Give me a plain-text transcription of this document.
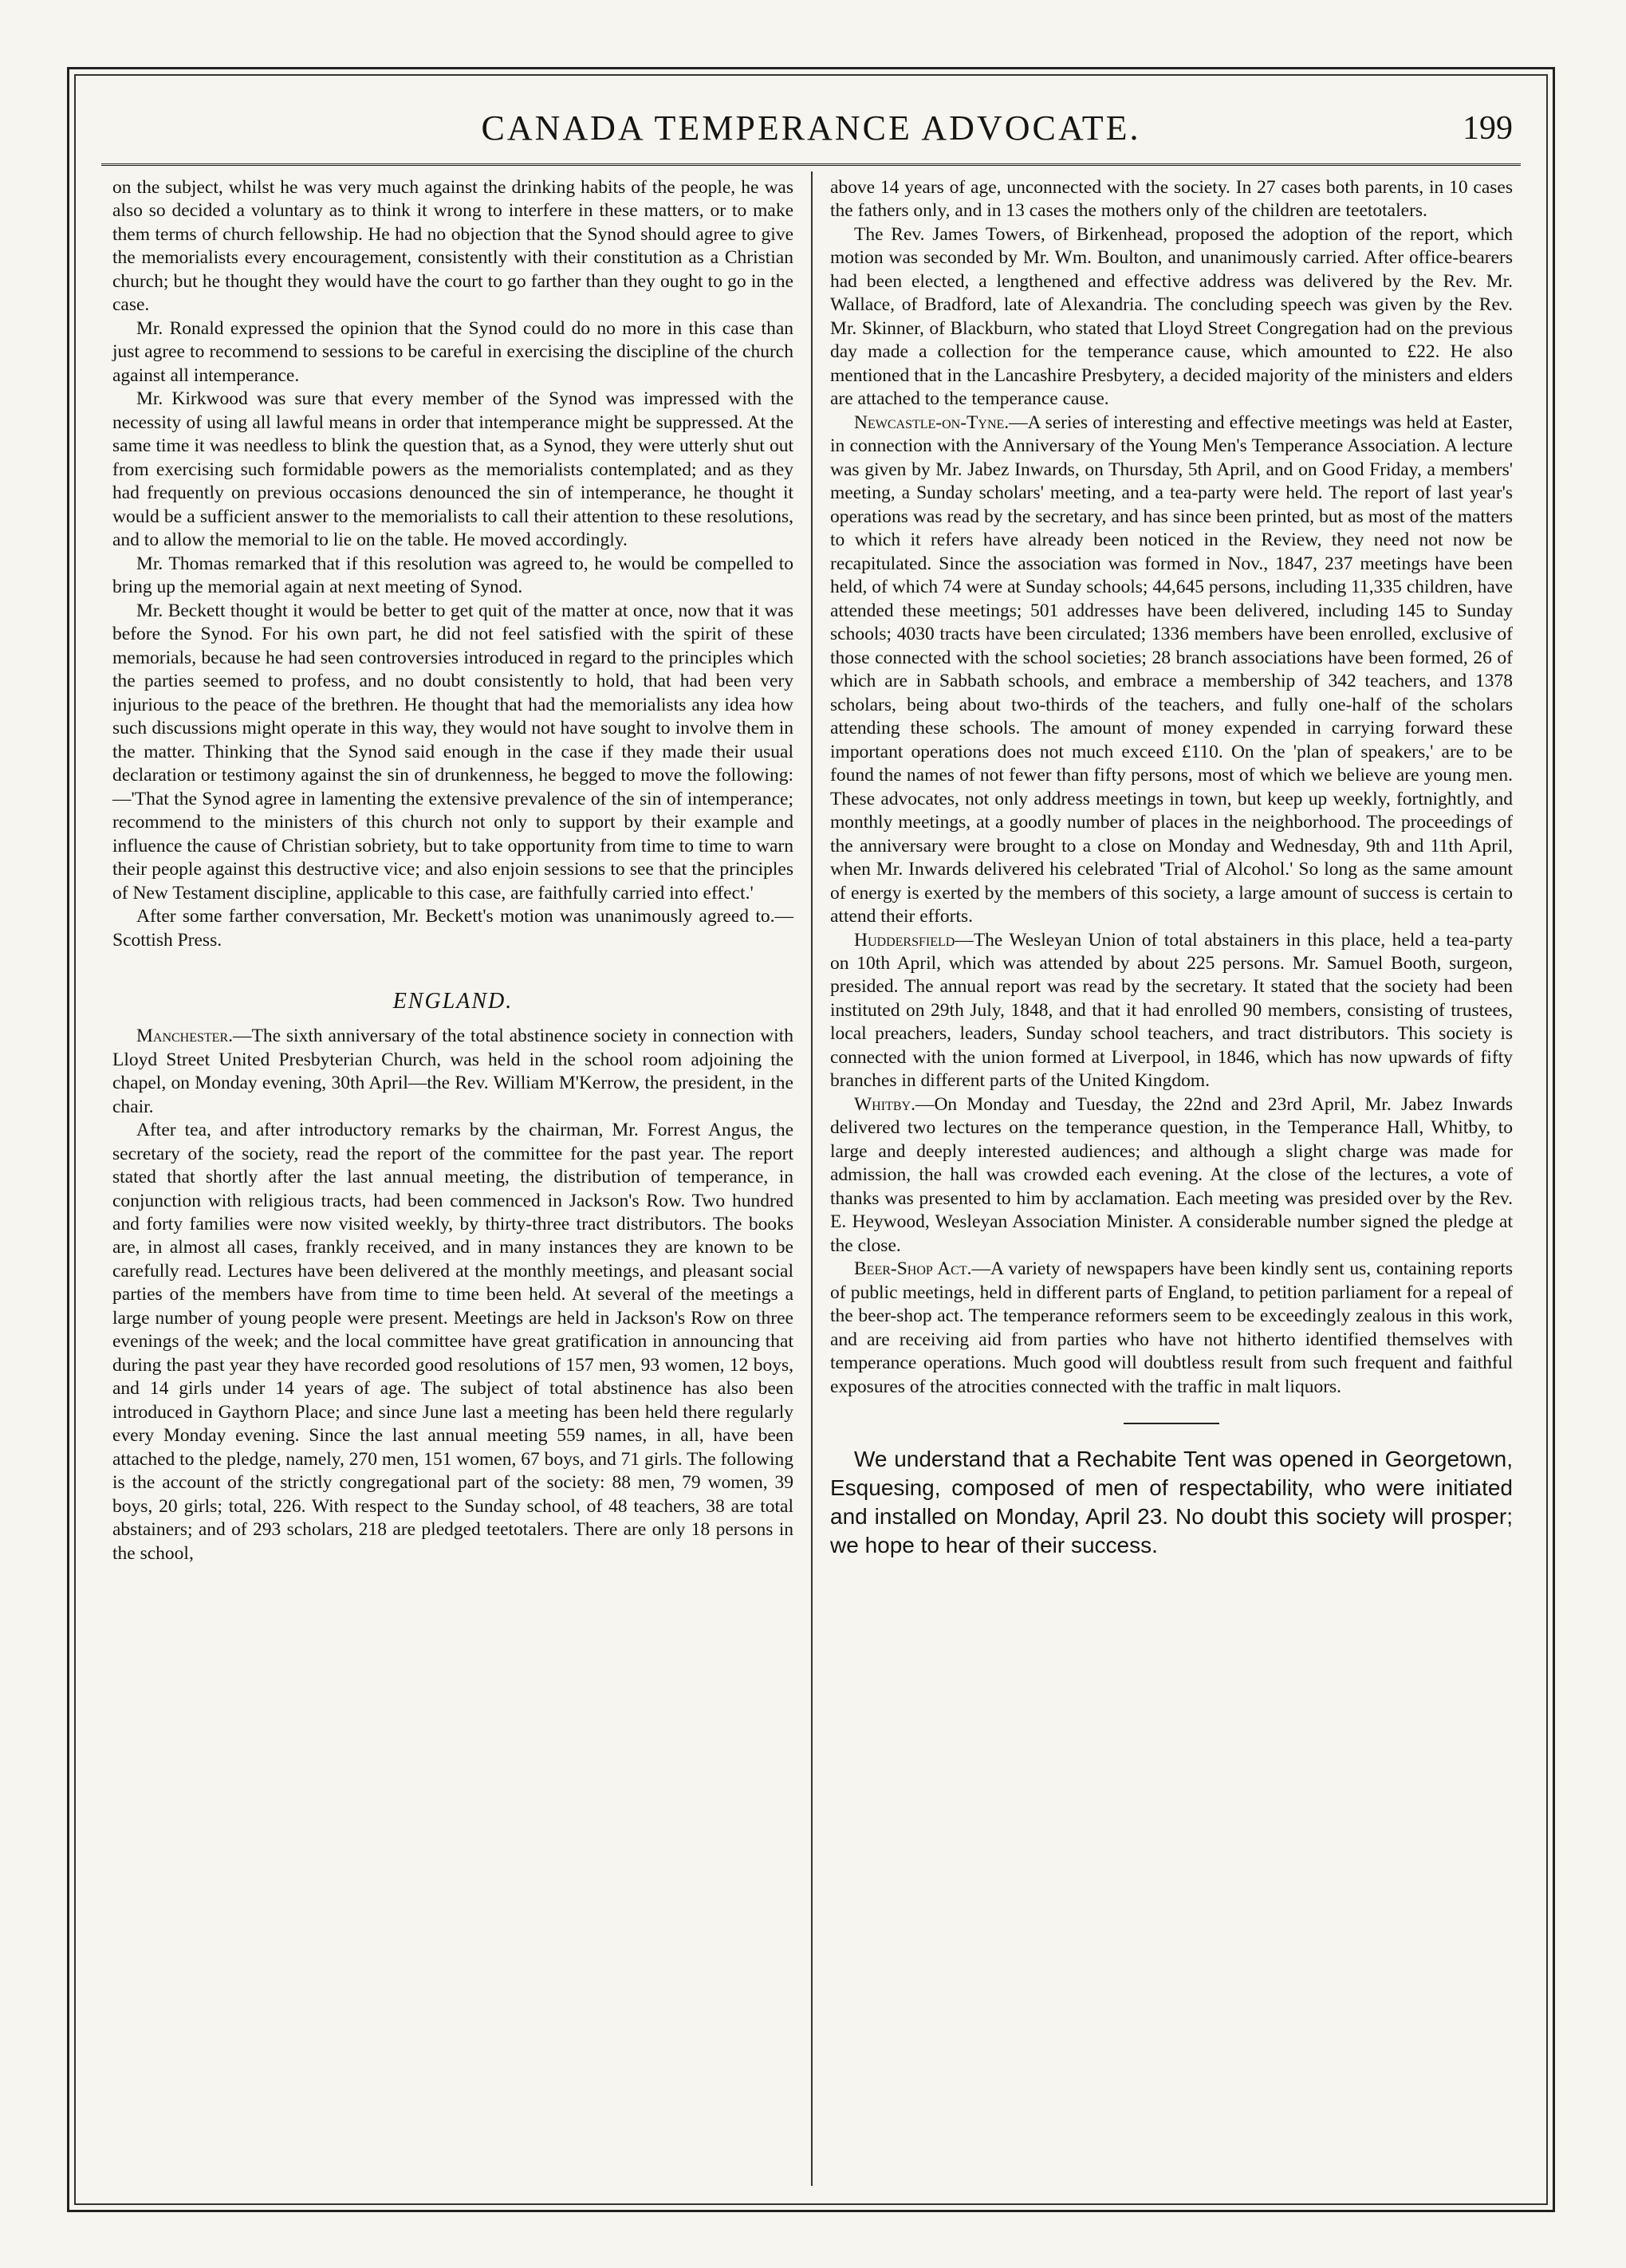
CANADA TEMPERANCE ADVOCATE.	199

on the subject, whilst he was very much against the drinking habits of the people, he was also so decided a voluntary as to think it wrong to interfere in these matters, or to make them terms of church fellowship. He had no objection that the Synod should agree to give the memorialists every encouragement, consistently with their constitution as a Christian church; but he thought they would have the court to go farther than they ought to go in the case.

Mr. Ronald expressed the opinion that the Synod could do no more in this case than just agree to recommend to sessions to be careful in exercising the discipline of the church against all intemperance.

Mr. Kirkwood was sure that every member of the Synod was impressed with the necessity of using all lawful means in order that intemperance might be suppressed. At the same time it was needless to blink the question that, as a Synod, they were utterly shut out from exercising such formidable powers as the memorialists contemplated; and as they had frequently on previous occasions denounced the sin of intemperance, he thought it would be a sufficient answer to the memorialists to call their attention to these resolutions, and to allow the memorial to lie on the table. He moved accordingly.

Mr. Thomas remarked that if this resolution was agreed to, he would be compelled to bring up the memorial again at next meeting of Synod.

Mr. Beckett thought it would be better to get quit of the matter at once, now that it was before the Synod. For his own part, he did not feel satisfied with the spirit of these memorials, because he had seen controversies introduced in regard to the principles which the parties seemed to profess, and no doubt consistently to hold, that had been very injurious to the peace of the brethren. He thought that had the memorialists any idea how such discussions might operate in this way, they would not have sought to involve them in the matter. Thinking that the Synod said enough in the case if they made their usual declaration or testimony against the sin of drunkenness, he begged to move the following:—'That the Synod agree in lamenting the extensive prevalence of the sin of intemperance; recommend to the ministers of this church not only to support by their example and influence the cause of Christian sobriety, but to take opportunity from time to time to warn their people against this destructive vice; and also enjoin sessions to see that the principles of New Testament discipline, applicable to this case, are faithfully carried into effect.'

After some farther conversation, Mr. Beckett's motion was unanimously agreed to.—Scottish Press.

ENGLAND.

Manchester.—The sixth anniversary of the total abstinence society in connection with Lloyd Street United Presbyterian Church, was held in the school room adjoining the chapel, on Monday evening, 30th April—the Rev. William M'Kerrow, the president, in the chair.

After tea, and after introductory remarks by the chairman, Mr. Forrest Angus, the secretary of the society, read the report of the committee for the past year. The report stated that shortly after the last annual meeting, the distribution of temperance, in conjunction with religious tracts, had been commenced in Jackson's Row. Two hundred and forty families were now visited weekly, by thirty-three tract distributors. The books are, in almost all cases, frankly received, and in many instances they are known to be carefully read. Lectures have been delivered at the monthly meetings, and pleasant social parties of the members have from time to time been held. At several of the meetings a large number of young people were present. Meetings are held in Jackson's Row on three evenings of the week; and the local committee have great gratification in announcing that during the past year they have recorded good resolutions of 157 men, 93 women, 12 boys, and 14 girls under 14 years of age. The subject of total abstinence has also been introduced in Gaythorn Place; and since June last a meeting has been held there regularly every Monday evening. Since the last annual meeting 559 names, in all, have been attached to the pledge, namely, 270 men, 151 women, 67 boys, and 71 girls. The following is the account of the strictly congregational part of the society: 88 men, 79 women, 39 boys, 20 girls; total, 226. With respect to the Sunday school, of 48 teachers, 38 are total abstainers; and of 293 scholars, 218 are pledged teetotalers. There are only 18 persons in the school,

above 14 years of age, unconnected with the society. In 27 cases both parents, in 10 cases the fathers only, and in 13 cases the mothers only of the children are teetotalers.

The Rev. James Towers, of Birkenhead, proposed the adoption of the report, which motion was seconded by Mr. Wm. Boulton, and unanimously carried. After office-bearers had been elected, a lengthened and effective address was delivered by the Rev. Mr. Wallace, of Bradford, late of Alexandria. The concluding speech was given by the Rev. Mr. Skinner, of Blackburn, who stated that Lloyd Street Congregation had on the previous day made a collection for the temperance cause, which amounted to £22. He also mentioned that in the Lancashire Presbytery, a decided majority of the ministers and elders are attached to the temperance cause.

Newcastle-on-Tyne.—A series of interesting and effective meetings was held at Easter, in connection with the Anniversary of the Young Men's Temperance Association. A lecture was given by Mr. Jabez Inwards, on Thursday, 5th April, and on Good Friday, a members' meeting, a Sunday scholars' meeting, and a tea-party were held. The report of last year's operations was read by the secretary, and has since been printed, but as most of the matters to which it refers have already been noticed in the Review, they need not now be recapitulated. Since the association was formed in Nov., 1847, 237 meetings have been held, of which 74 were at Sunday schools; 44,645 persons, including 11,335 children, have attended these meetings; 501 addresses have been delivered, including 145 to Sunday schools; 4030 tracts have been circulated; 1336 members have been enrolled, exclusive of those connected with the school societies; 28 branch associations have been formed, 26 of which are in Sabbath schools, and embrace a membership of 342 teachers, and 1378 scholars, being about two-thirds of the teachers, and fully one-half of the scholars attending these schools. The amount of money expended in carrying forward these important operations does not much exceed £110. On the 'plan of speakers,' are to be found the names of not fewer than fifty persons, most of which we believe are young men. These advocates, not only address meetings in town, but keep up weekly, fortnightly, and monthly meetings, at a goodly number of places in the neighborhood. The proceedings of the anniversary were brought to a close on Monday and Wednesday, 9th and 11th April, when Mr. Inwards delivered his celebrated 'Trial of Alcohol.' So long as the same amount of energy is exerted by the members of this society, a large amount of success is certain to attend their efforts.

Huddersfield—The Wesleyan Union of total abstainers in this place, held a tea-party on 10th April, which was attended by about 225 persons. Mr. Samuel Booth, surgeon, presided. The annual report was read by the secretary. It stated that the society had been instituted on 29th July, 1848, and that it had enrolled 90 members, consisting of trustees, local preachers, leaders, Sunday school teachers, and tract distributors. This society is connected with the union formed at Liverpool, in 1846, which has now upwards of fifty branches in different parts of the United Kingdom.

Whitby.—On Monday and Tuesday, the 22nd and 23rd April, Mr. Jabez Inwards delivered two lectures on the temperance question, in the Temperance Hall, Whitby, to large and deeply interested audiences; and although a slight charge was made for admission, the hall was crowded each evening. At the close of the lectures, a vote of thanks was presented to him by acclamation. Each meeting was presided over by the Rev. E. Heywood, Wesleyan Association Minister. A considerable number signed the pledge at the close.

Beer-Shop Act.—A variety of newspapers have been kindly sent us, containing reports of public meetings, held in different parts of England, to petition parliament for a repeal of the beer-shop act. The temperance reformers seem to be exceedingly zealous in this work, and are receiving aid from parties who have not hitherto identified themselves with temperance operations. Much good will doubtless result from such frequent and faithful exposures of the atrocities connected with the traffic in malt liquors.

We understand that a Rechabite Tent was opened in Georgetown, Esquesing, composed of men of respectability, who were initiated and installed on Monday, April 23. No doubt this society will prosper; we hope to hear of their success.
